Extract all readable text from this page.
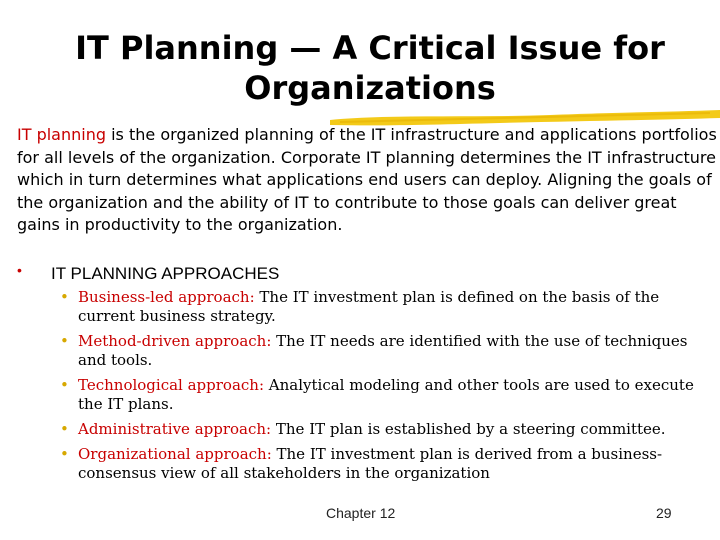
IT Planning — A Critical Issue for
Organizations
IT planning is the organized planning of the IT infrastructure and applications portfolios for all levels of the organization. Corporate IT planning determines the IT infrastructure which in turn determines what applications end users can deploy. Aligning the goals of the organization and the ability of IT to contribute to those goals can deliver great gains in productivity to the organization.
• IT PLANNING APPROACHES
• Business-led approach: The IT investment plan is defined on the basis of the current business strategy.
• Method-driven approach: The IT needs are identified with the use of techniques and tools.
• Technological approach: Analytical modeling and other tools are used to execute the IT plans.
• Administrative approach: The IT plan is established by a steering committee.
• Organizational approach: The IT investment plan is derived from a business-consensus view of all stakeholders in the organization
Chapter 12	29
